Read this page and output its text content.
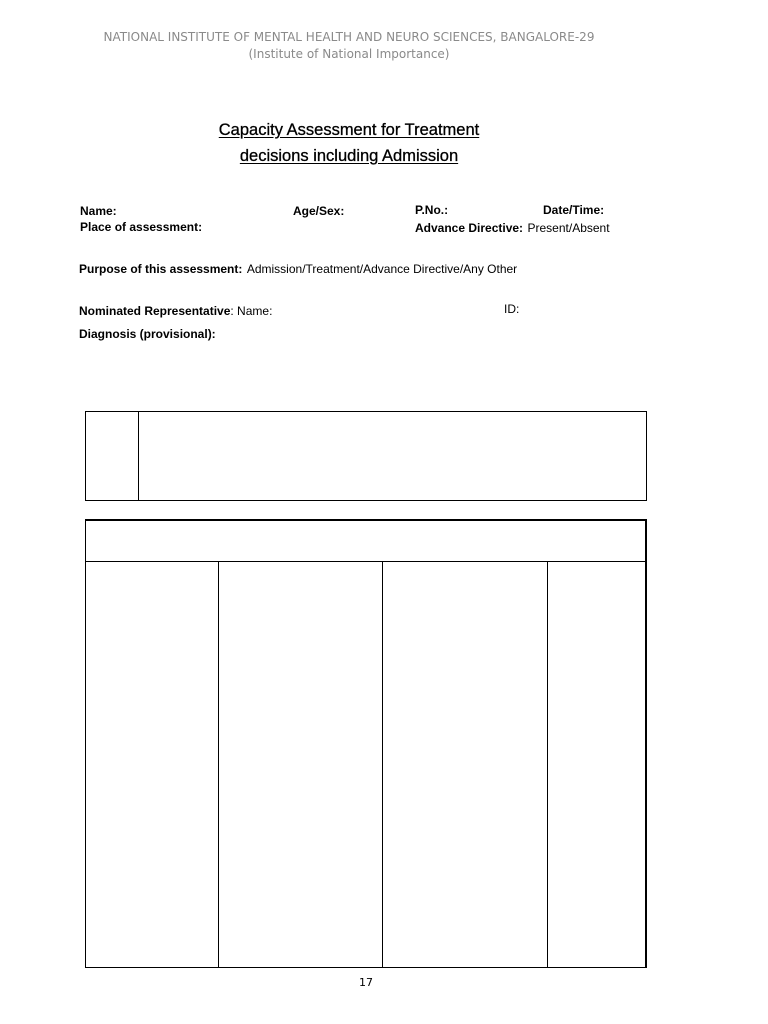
NATIONAL INSTITUTE OF MENTAL HEALTH AND NEURO SCIENCES, BANGALORE-29
(Institute of National Importance)
Capacity Assessment for Treatment
decisions including Admission
Name:	Age/Sex:	P.No.:	Date/Time:
Place of assessment:	Advance Directive: Present/Absent
Purpose of this assessment: Admission/Treatment/Advance Directive/Any Other
Nominated Representative: Name:	ID:
Diagnosis (provisional):
17
